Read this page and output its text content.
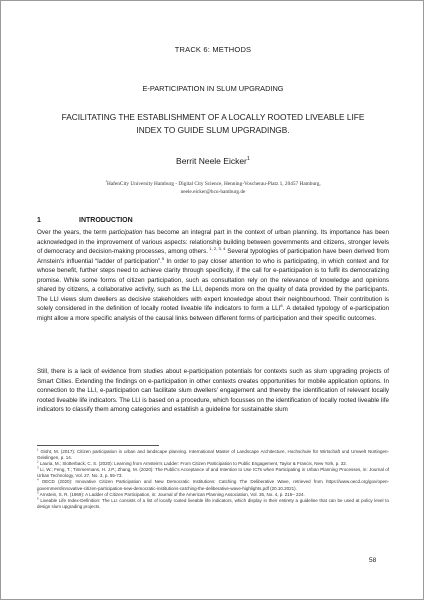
TRACK 6: METHODS
E-PARTICIPATION IN SLUM UPGRADING
FACILITATING THE ESTABLISHMENT OF A LOCALLY ROOTED LIVEABLE LIFE INDEX TO GUIDE SLUM UPGRADINGB.
Berrit Neele Eicker$^1$
$^1$HafenCity University Hamburg - Digital City Science, Henning-Voscherau-Platz 1, 20457 Hamburg,
neele.eicker@hcu-hamburg.de
1	INTRODUCTION

Over the years, the term participation has become an integral part in the context of urban planning. Its importance has been acknowledged in the improvement of various aspects: relationship building between governments and citizens, stronger levels of democracy and decision-making processes, among others. $^{1, 2, 3, 4}$ Several typologies of participation have been derived from Arnstein's influential “ladder of participation”.$^5$ In order to pay closer attention to who is participating, in which context and for whose benefit, further steps need to achieve clarity through specificity, if the call for e-participation is to fulfil its democratizing promise. While some forms of citizen participation, such as consultation rely on the relevance of knowledge and opinions shared by citizens, a collaborative activity, such as the LLI, depends more on the quality of data provided by the participants. The LLI views slum dwellers as decisive stakeholders with expert knowledge about their neighbourhood. Their contribution is solely considered in the definition of locally rooted liveable life indicators to form a LLI$^6$. A detailed typology of e-participation might allow a more specific analysis of the causal links between different forms of participation and their specific outcomes.

Still, there is a lack of evidence from studies about e-participation potentials for contexts such as slum upgrading projects of Smart Cities. Extending the findings on e-participation in other contexts creates opportunities for mobile application options. In connection to the LLI, e-participation can facilitate slum dwellers' engagement and thereby the identification of relevant locally rooted liveable life indicators. The LLI is based on a procedure, which focusses on the identification of locally rooted liveable life indicators to classify them among categories and establish a guideline for sustainable slum

$^1$ Gisht, M. (2017): Citizen participation in urban and landscape planning. International Master of Landscape Architecture, Hochschule für Wirtschaft und Umwelt Nürtingen-Geislingen, p. 14.

$^2$ Lauria, M.; Slotterback, C. S. (2020): Learning from Arnstein's Ladder: From Citizen Participation to Public Engagement, Taylor & Francis, New York, p. 32.

$^3$ Li, W.; Feng, T.; Timmermans, H. J.P.; Zhang, M. (2020): The Public's Acceptance of and Intention to Use ICTs when Participating in Urban Planning Processes, in: Journal of Urban Technology, Vol. 27, No. 3, p. 55-73.

$^4$ OECD (2020): Innovative Citizen Participation and New Democratic Institutions: Catching The Deliberative Wave, retrieved from https://www.oecd.org/gov/open-government/innovative-citizen-participation-new-democratic-institutions-catching-the-deliberative-wave-highlights.pdf (20.10.2021).

$^5$ Arnstein, S. R. (1969): A Ladder of Citizen Participation, in: Journal of the American Planning Association, Vol. 35, No. 4, p. 216– 224.

$^6$ Liveable Life Index-Definition: The LLI consists of a list of locally rooted liveable life indicators, which display in their entirety a guideline that can be used at policy level to design slum upgrading projects.

58
